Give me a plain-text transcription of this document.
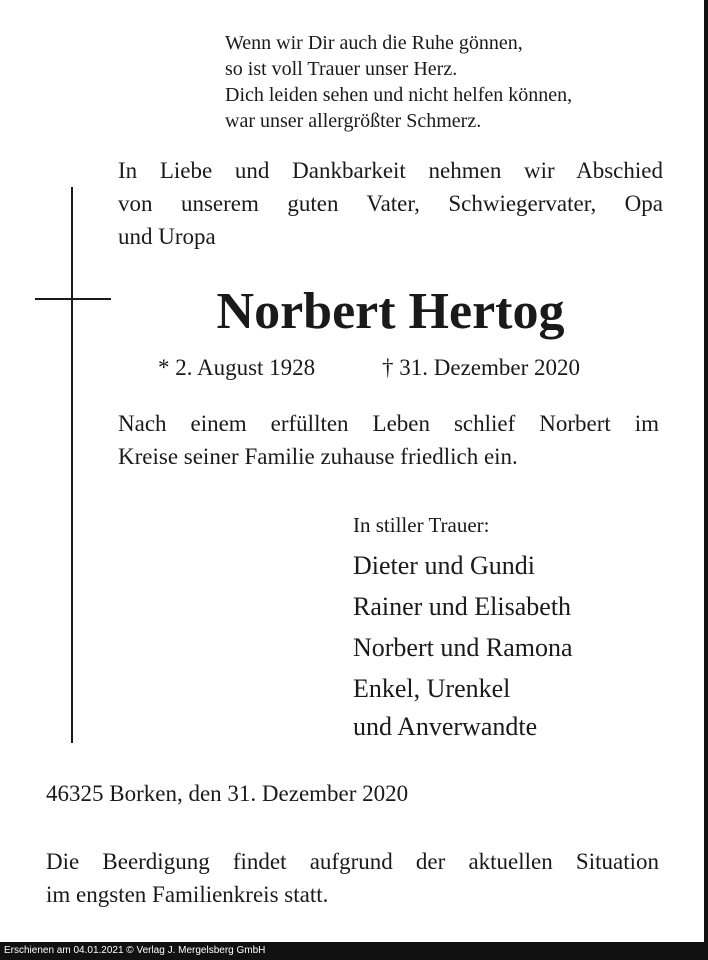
Wenn wir Dir auch die Ruhe gönnen,
so ist voll Trauer unser Herz.
Dich leiden sehen und nicht helfen können,
war unser allergrößter Schmerz.
In Liebe und Dankbarkeit nehmen wir Abschied
von unserem guten Vater, Schwiegervater, Opa
und Uropa
Norbert Hertog
* 2. August 1928	† 31. Dezember 2020
Nach einem erfüllten Leben schlief Norbert im
Kreise seiner Familie zuhause friedlich ein.
In stiller Trauer:
Dieter und Gundi
Rainer und Elisabeth
Norbert und Ramona
Enkel, Urenkel
und Anverwandte
46325 Borken, den 31. Dezember 2020
Die Beerdigung findet aufgrund der aktuellen Situation
im engsten Familienkreis statt.
Erschienen am 04.01.2021 © Verlag J. Mergelsberg GmbH
